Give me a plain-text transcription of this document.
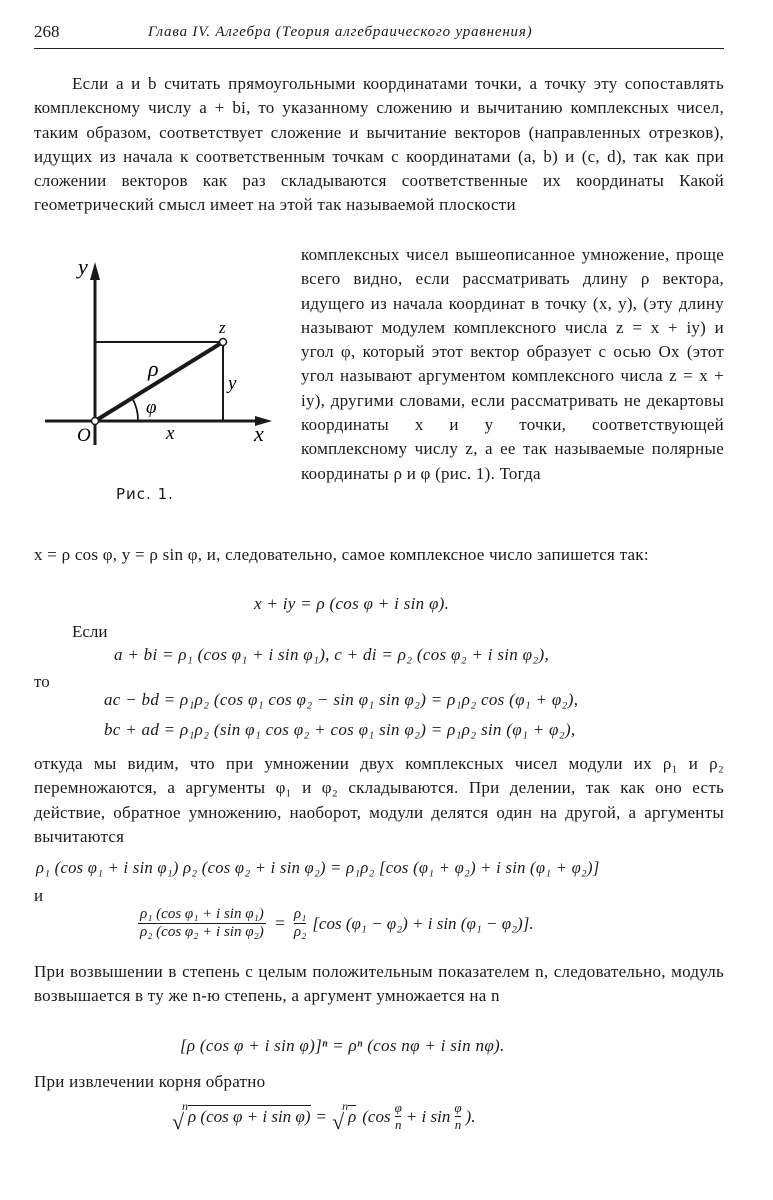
268	Глава IV. Алгебра (Теория алгебраического уравнения)

Если a и b считать прямоугольными координатами точки, а точку эту сопоставлять комплексному числу a + bi, то указанному сложению и вычитанию комплексных чисел, таким образом, соответствует сложение и вычитание векторов (направленных отрезков), идущих из начала к соответственным точкам с координатами (a, b) и (c, d), так как при сложении векторов как раз складываются соответственные их координаты Какой геометрический смысл имеет на этой так называемой плоскости

y
x
O
z
ρ
φ
x
y
Рис. 1.

комплексных чисел вышеописанное умножение, проще всего видно, если рассматривать длину ρ вектора, идущего из начала координат в точку (x, y), (эту длину называют модулем комплексного числа z = x + iy) и угол φ, который этот вектор образует с осью Ox (этот угол называют аргументом комплексного числа z = x + iy), другими словами, если рассматривать не декартовы координаты x и y точки, соответствующей комплексному числу z, а ее так называемые полярные координаты ρ и φ (рис. 1). Тогда

x = ρ cos φ, y = ρ sin φ, и, следовательно, самое комплексное число запишется так:

x + iy = ρ (cos φ + i sin φ).
Если
a + bi = ρ₁ (cos φ₁ + i sin φ₁), c + di = ρ₂ (cos φ₂ + i sin φ₂),
то
ac − bd = ρ₁ρ₂ (cos φ₁ cos φ₂ − sin φ₁ sin φ₂) = ρ₁ρ₂ cos (φ₁ + φ₂),
bc + ad = ρ₁ρ₂ (sin φ₁ cos φ₂ + cos φ₁ sin φ₂) = ρ₁ρ₂ sin (φ₁ + φ₂),

откуда мы видим, что при умножении двух комплексных чисел модули их ρ₁ и ρ₂ перемножаются, а аргументы φ₁ и φ₂ складываются. При делении, так как оно есть действие, обратное умножению, наоборот, модули делятся один на другой, а аргументы вычитаются

ρ₁ (cos φ₁ + i sin φ₁) ρ₂ (cos φ₂ + i sin φ₂) = ρ₁ρ₂ [cos (φ₁ + φ₂) + i sin (φ₁ + φ₂)]
и
$\frac{\text{ρ₁ (cos φ₁ + i sin φ₁)}}{\text{ρ₂ (cos φ₂ + i sin φ₂)}} = \frac{\text{ρ₁}}{\text{ρ₂}} [\cos$ (φ₁ − φ₂) + i sin (φ₁ − φ₂)].

При возвышении в степень с целым положительным показателем n, следовательно, модуль возвышается в ту же n-ю степень, а аргумент умножается на n

[ρ (cos φ + i sin φ)]ⁿ = ρⁿ (cos nφ + i sin nφ).

При извлечении корня обратно

n
√ ρ (cos φ + i sin φ) =
n
√ ρ ($\cos \frac{\varphi}{n} + i$ $\sin \frac{\varphi}{n}$ ).
